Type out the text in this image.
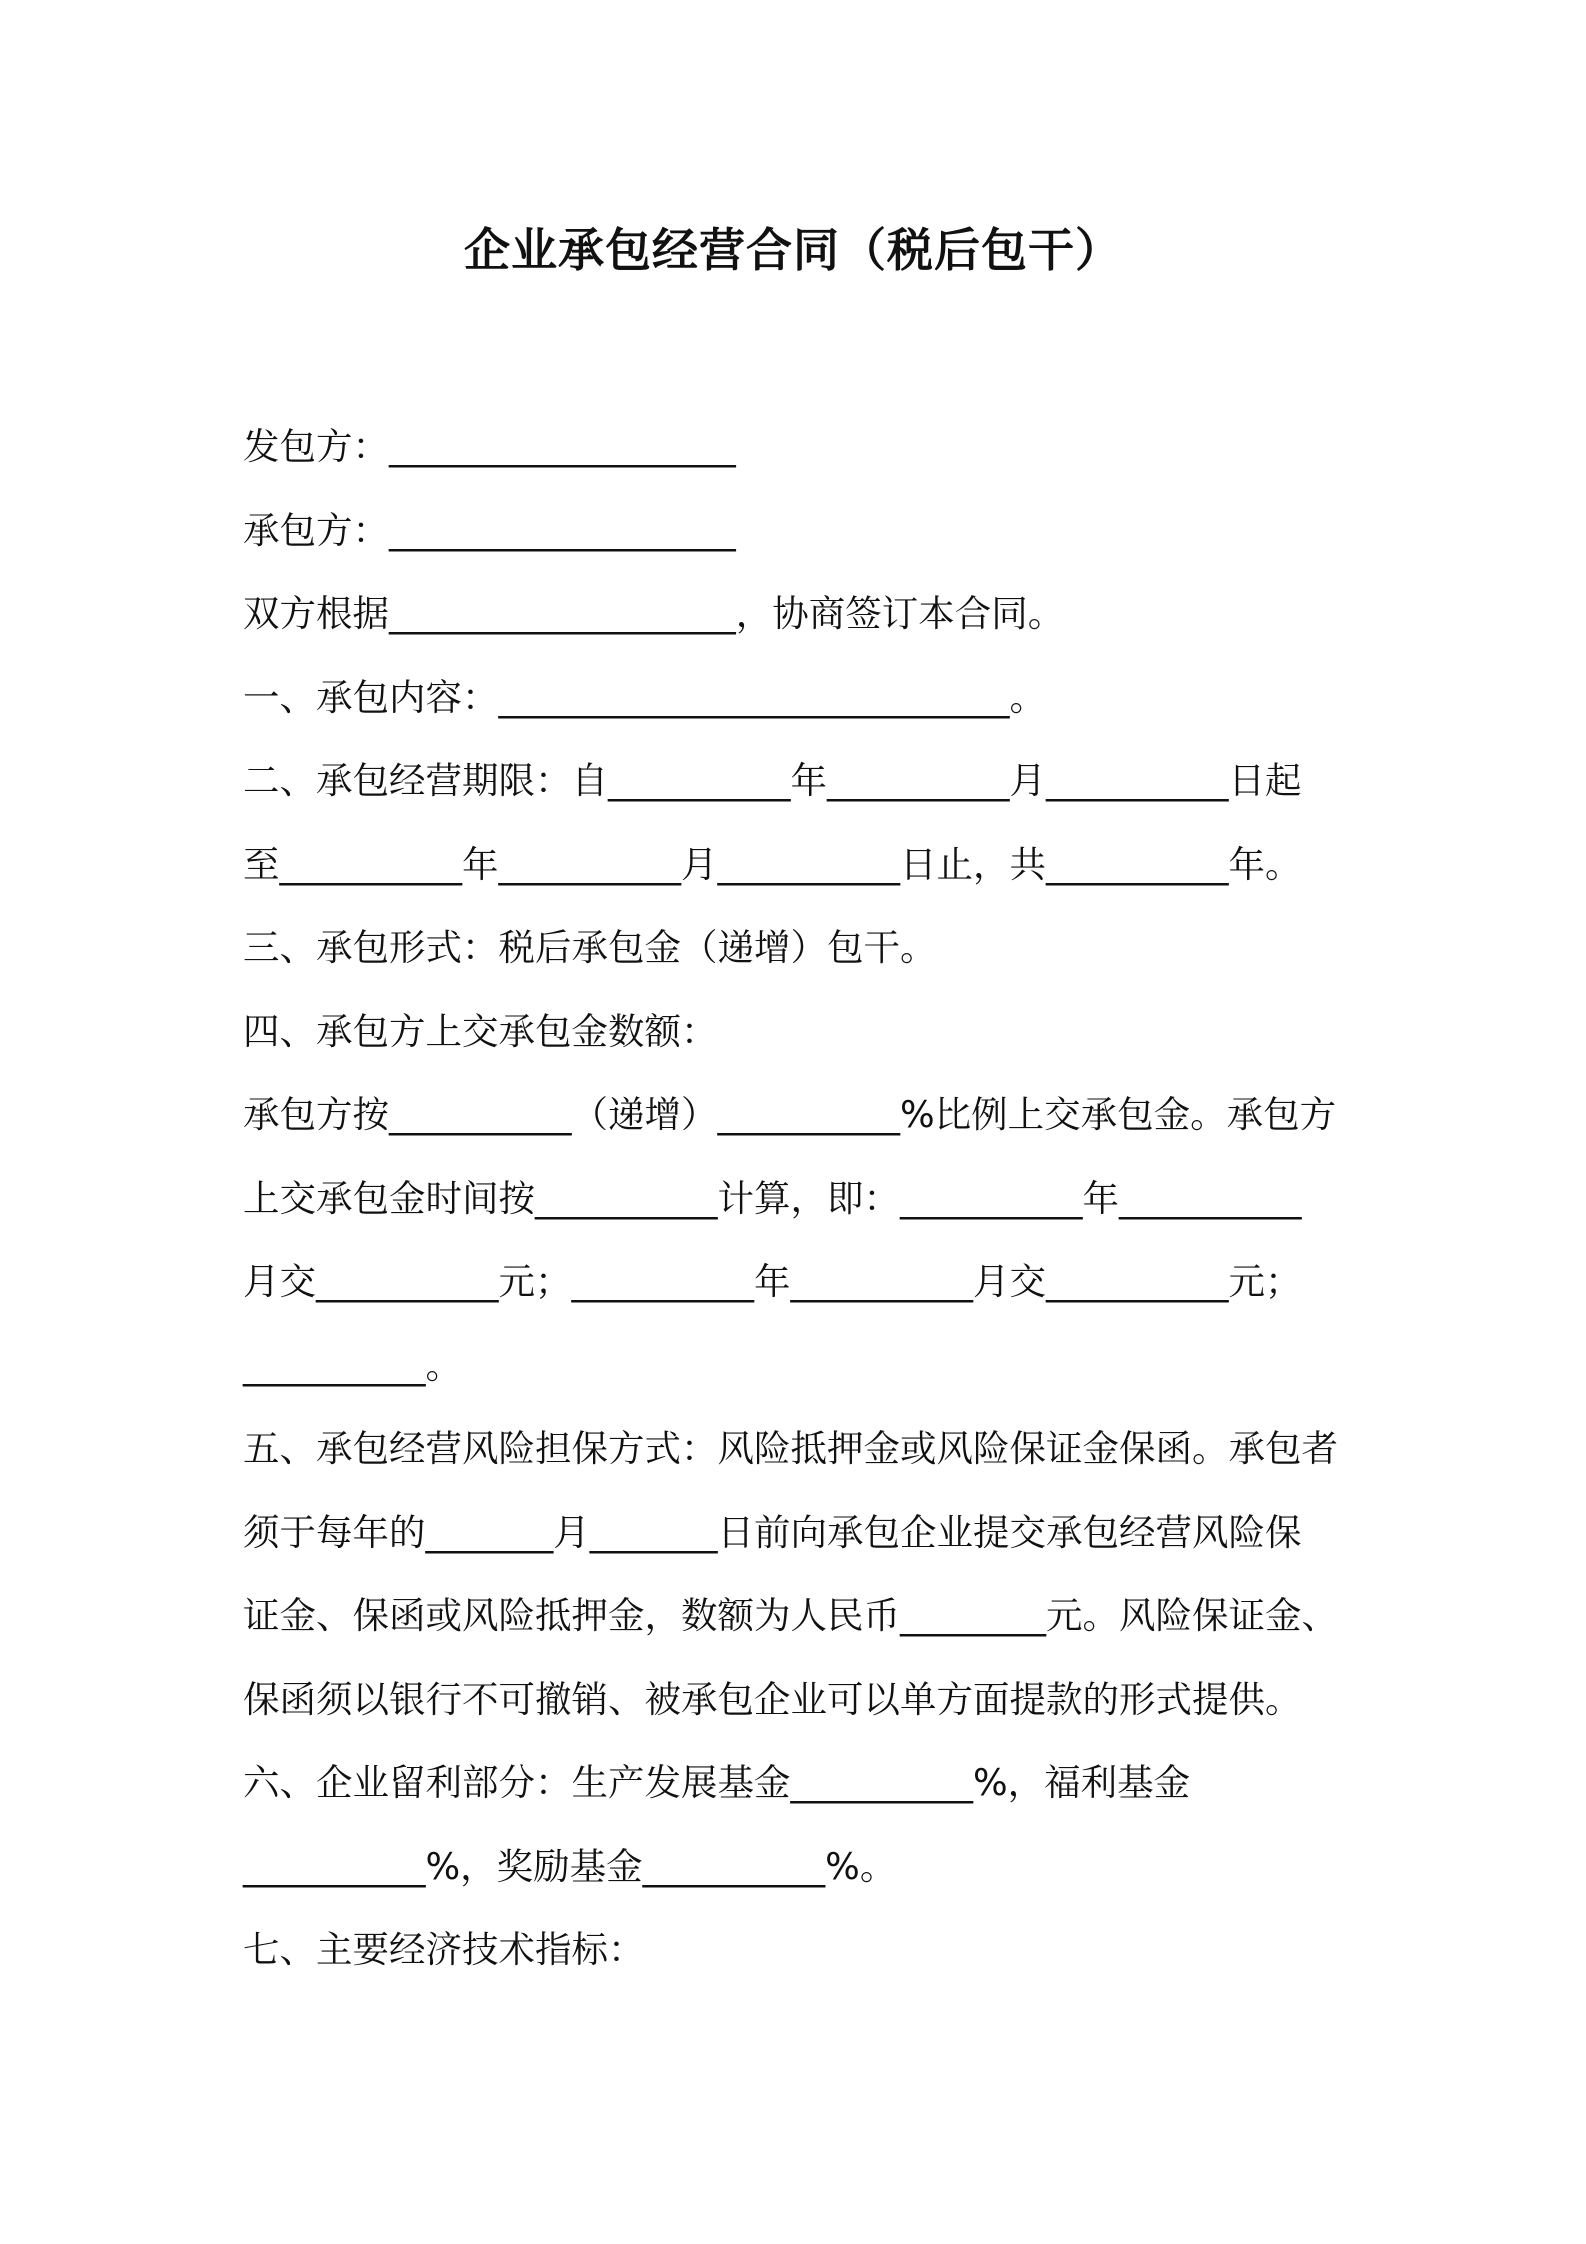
企业承包经营合同（税后包干）
发包方：___________________
承包方：___________________
双方根据___________________，协商签订本合同。
一、承包内容：____________________________。
二、承包经营期限：自__________年__________月__________日起
至__________年__________月__________日止，共__________年。
三、承包形式：税后承包金（递增）包干。
四、承包方上交承包金数额：
承包方按__________（递增）__________%比例上交承包金。承包方
上交承包金时间按__________计算，即：__________年__________
月交__________元；__________年__________月交__________元；
__________。
五、承包经营风险担保方式：风险抵押金或风险保证金保函。承包者
须于每年的_______月_______日前向承包企业提交承包经营风险保
证金、保函或风险抵押金，数额为人民币________元。风险保证金、
保函须以银行不可撤销、被承包企业可以单方面提款的形式提供。
六、企业留利部分：生产发展基金__________%，福利基金
__________%，奖励基金__________%。
七、主要经济技术指标：
